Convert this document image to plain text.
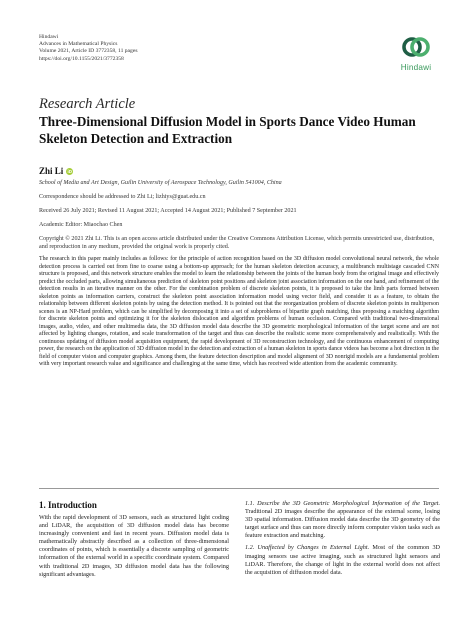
Hindawi
Advances in Mathematical Physics
Volume 2021, Article ID 3772358, 11 pages
https://doi.org/10.1155/2021/3772358
Hindawi
Research Article
Three-Dimensional Diffusion Model in Sports Dance Video Human Skeleton Detection and Extraction
Zhi Li iD
School of Media and Art Design, Guilin University of Aerospace Technology, Guilin 541004, China
Correspondence should be addressed to Zhi Li; lizhiys@guat.edu.cn
Received 26 July 2021; Revised 11 August 2021; Accepted 14 August 2021; Published 7 September 2021
Academic Editor: Miaochao Chen
Copyright © 2021 Zhi Li. This is an open access article distributed under the Creative Commons Attribution License, which permits unrestricted use, distribution, and reproduction in any medium, provided the original work is properly cited.
The research in this paper mainly includes as follows: for the principle of action recognition based on the 3D diffusion model convolutional neural network, the whole detection process is carried out from fine to coarse using a bottom-up approach; for the human skeleton detection accuracy, a multibranch multistage cascaded CNN structure is proposed, and this network structure enables the model to learn the relationship between the joints of the human body from the original image and effectively predict the occluded parts, allowing simultaneous prediction of skeleton point positions and skeleton joint association information on the one hand, and refinement of the detection results in an iterative manner on the other. For the combination problem of discrete skeleton points, it is proposed to take the limb parts formed between skeleton points as information carriers, construct the skeleton point association information model using vector field, and consider it as a feature, to obtain the relationship between different skeleton points by using the detection method. It is pointed out that the reorganization problem of discrete skeleton points in multiperson scenes is an NP-Hard problem, which can be simplified by decomposing it into a set of subproblems of bipartite graph matching, thus proposing a matching algorithm for discrete skeleton points and optimizing it for the skeleton dislocation and algorithm problems of human occlusion. Compared with traditional two-dimensional images, audio, video, and other multimedia data, the 3D diffusion model data describe the 3D geometric morphological information of the target scene and are not affected by lighting changes, rotation, and scale transformation of the target and thus can describe the realistic scene more comprehensively and realistically. With the continuous updating of diffusion model acquisition equipment, the rapid development of 3D reconstruction technology, and the continuous enhancement of computing power, the research on the application of 3D diffusion model in the detection and extraction of a human skeleton in sports dance videos has become a hot direction in the field of computer vision and computer graphics. Among them, the feature detection description and model alignment of 3D nonrigid models are a fundamental problem with very important research value and significance and challenging at the same time, which has received wide attention from the academic community.
1. Introduction
With the rapid development of 3D sensors, such as structured light coding and LiDAR, the acquisition of 3D diffusion model data has become increasingly convenient and fast in recent years. Diffusion model data is mathematically abstractly described as a collection of three-dimensional coordinates of points, which is essentially a discrete sampling of geometric information of the external world in a specific coordinate system. Compared with traditional 2D images, 3D diffusion model data has the following significant advantages.
1.1. Describe the 3D Geometric Morphological Information of the Target. Traditional 2D images describe the appearance of the external scene, losing 3D spatial information. Diffusion model data describe the 3D geometry of the target surface and thus can more directly inform computer vision tasks such as feature extraction and matching.
1.2. Unaffected by Changes in External Light. Most of the common 3D imaging sensors use active imaging, such as structured light sensors and LiDAR. Therefore, the change of light in the external world does not affect the acquisition of diffusion model data.
